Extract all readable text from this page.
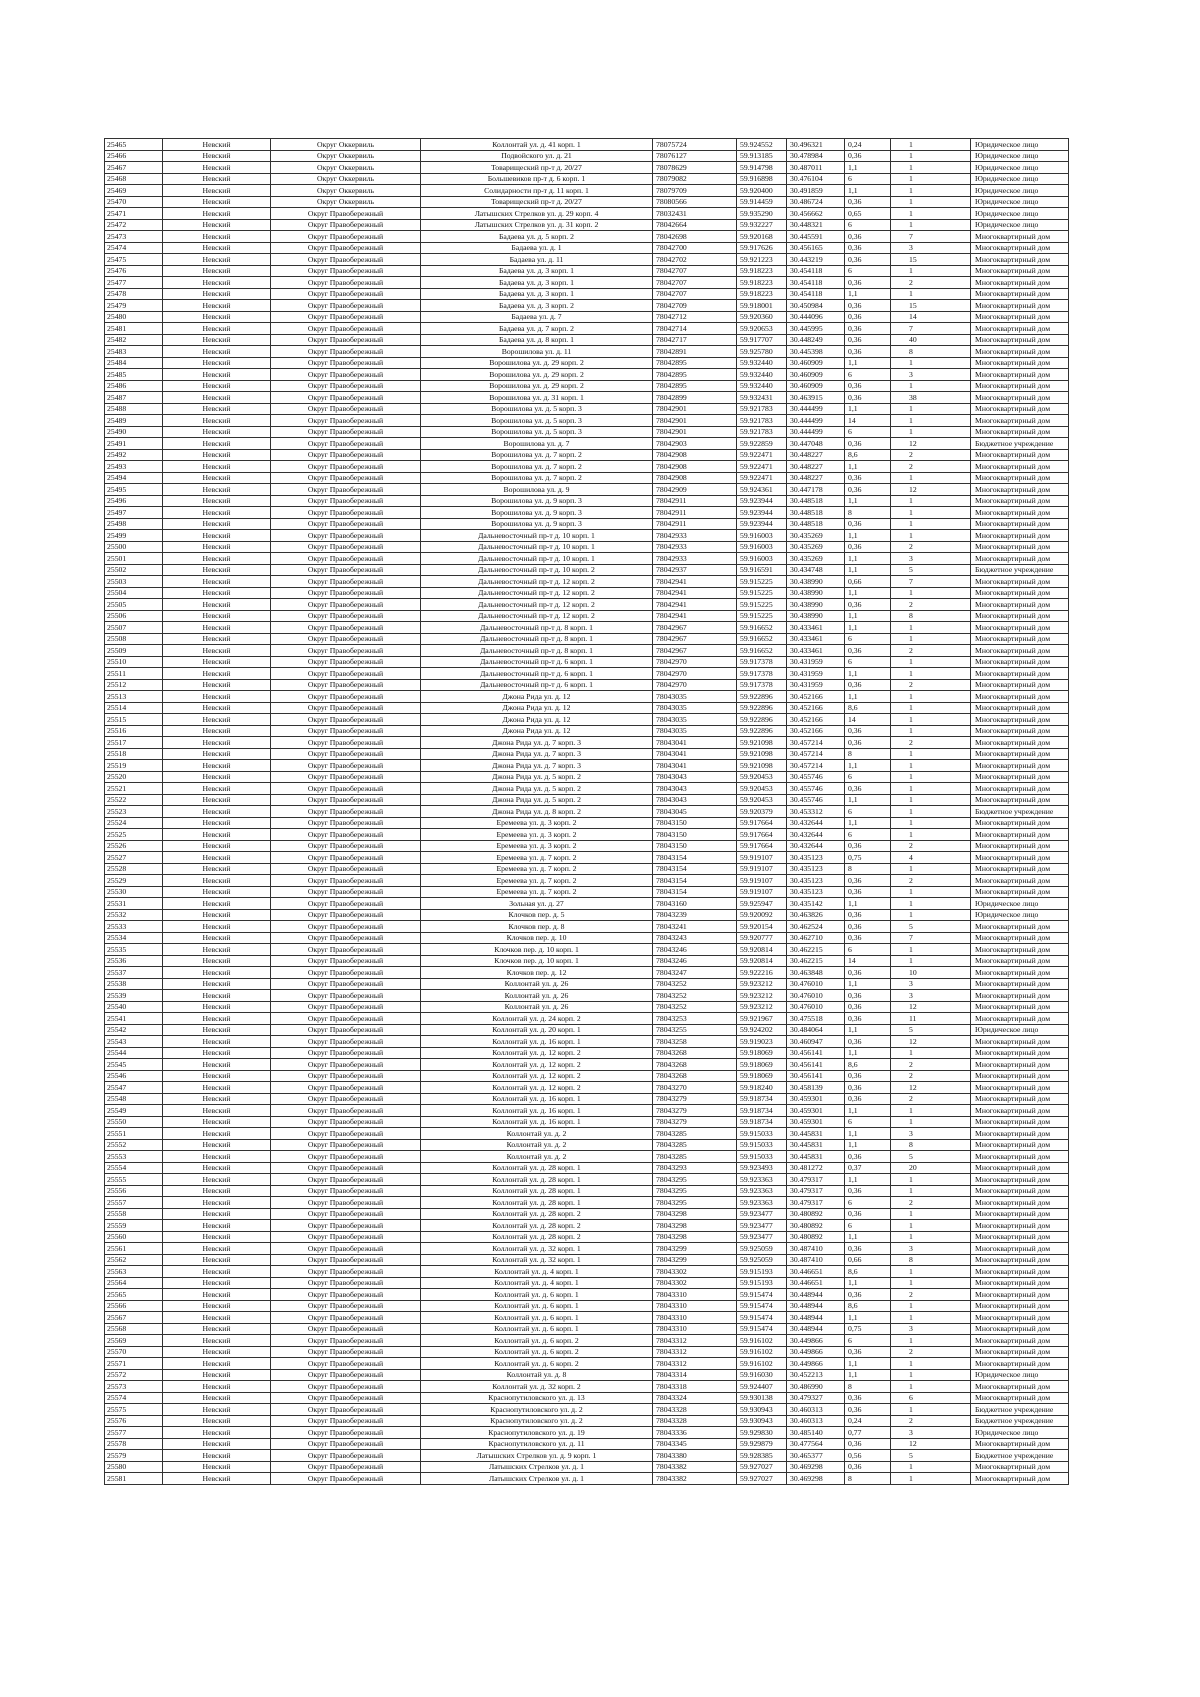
25465	Невский	Округ Оккервиль	Коллонтай ул. д. 41 корп. 1	78075724	59.924552	30.496321	0,24	1	Юридическое лицо
25466	Невский	Округ Оккервиль	Подвойского ул. д. 21	78076127	59.913185	30.478984	0,36	1	Юридическое лицо
25467	Невский	Округ Оккервиль	Товарищеский пр-т д. 20/27	78078629	59.914798	30.487011	1,1	1	Юридическое лицо
25468	Невский	Округ Оккервиль	Большевиков пр-т д. 6 корп. 1	78079082	59.916898	30.476104	6	1	Юридическое лицо
25469	Невский	Округ Оккервиль	Солидарности пр-т д. 11 корп. 1	78079709	59.920400	30.491859	1,1	1	Юридическое лицо
25470	Невский	Округ Оккервиль	Товарищеский пр-т д. 20/27	78080566	59.914459	30.486724	0,36	1	Юридическое лицо
25471	Невский	Округ Правобережный	Латышских Стрелков ул. д. 29 корп. 4	78032431	59.935290	30.456662	0,65	1	Юридическое лицо
25472	Невский	Округ Правобережный	Латышских Стрелков ул. д. 31 корп. 2	78042664	59.932227	30.448321	6	1	Юридическое лицо
25473	Невский	Округ Правобережный	Бадаева ул. д. 5 корп. 2	78042698	59.920168	30.445591	0,36	7	Многоквартирный дом
25474	Невский	Округ Правобережный	Бадаева ул. д. 1	78042700	59.917626	30.456165	0,36	3	Многоквартирный дом
25475	Невский	Округ Правобережный	Бадаева ул. д. 11	78042702	59.921223	30.443219	0,36	15	Многоквартирный дом
25476	Невский	Округ Правобережный	Бадаева ул. д. 3 корп. 1	78042707	59.918223	30.454118	6	1	Многоквартирный дом
25477	Невский	Округ Правобережный	Бадаева ул. д. 3 корп. 1	78042707	59.918223	30.454118	0,36	2	Многоквартирный дом
25478	Невский	Округ Правобережный	Бадаева ул. д. 3 корп. 1	78042707	59.918223	30.454118	1,1	1	Многоквартирный дом
25479	Невский	Округ Правобережный	Бадаева ул. д. 3 корп. 2	78042709	59.918001	30.450984	0,36	15	Многоквартирный дом
25480	Невский	Округ Правобережный	Бадаева ул. д. 7	78042712	59.920360	30.444096	0,36	14	Многоквартирный дом
25481	Невский	Округ Правобережный	Бадаева ул. д. 7 корп. 2	78042714	59.920653	30.445995	0,36	7	Многоквартирный дом
25482	Невский	Округ Правобережный	Бадаева ул. д. 8 корп. 1	78042717	59.917707	30.448249	0,36	40	Многоквартирный дом
25483	Невский	Округ Правобережный	Ворошилова ул. д. 11	78042891	59.925780	30.445398	0,36	8	Многоквартирный дом
25484	Невский	Округ Правобережный	Ворошилова ул. д. 29 корп. 2	78042895	59.932440	30.460909	1,1	1	Многоквартирный дом
25485	Невский	Округ Правобережный	Ворошилова ул. д. 29 корп. 2	78042895	59.932440	30.460909	6	3	Многоквартирный дом
25486	Невский	Округ Правобережный	Ворошилова ул. д. 29 корп. 2	78042895	59.932440	30.460909	0,36	1	Многоквартирный дом
25487	Невский	Округ Правобережный	Ворошилова ул. д. 31 корп. 1	78042899	59.932431	30.463915	0,36	38	Многоквартирный дом
25488	Невский	Округ Правобережный	Ворошилова ул. д. 5 корп. 3	78042901	59.921783	30.444499	1,1	1	Многоквартирный дом
25489	Невский	Округ Правобережный	Ворошилова ул. д. 5 корп. 3	78042901	59.921783	30.444499	14	1	Многоквартирный дом
25490	Невский	Округ Правобережный	Ворошилова ул. д. 5 корп. 3	78042901	59.921783	30.444499	6	1	Многоквартирный дом
25491	Невский	Округ Правобережный	Ворошилова ул. д. 7	78042903	59.922859	30.447048	0,36	12	Бюджетное учреждение
25492	Невский	Округ Правобережный	Ворошилова ул. д. 7 корп. 2	78042908	59.922471	30.448227	8,6	2	Многоквартирный дом
25493	Невский	Округ Правобережный	Ворошилова ул. д. 7 корп. 2	78042908	59.922471	30.448227	1,1	2	Многоквартирный дом
25494	Невский	Округ Правобережный	Ворошилова ул. д. 7 корп. 2	78042908	59.922471	30.448227	0,36	1	Многоквартирный дом
25495	Невский	Округ Правобережный	Ворошилова ул. д. 9	78042909	59.924361	30.447178	0,36	12	Многоквартирный дом
25496	Невский	Округ Правобережный	Ворошилова ул. д. 9 корп. 3	78042911	59.923944	30.448518	1,1	1	Многоквартирный дом
25497	Невский	Округ Правобережный	Ворошилова ул. д. 9 корп. 3	78042911	59.923944	30.448518	8	1	Многоквартирный дом
25498	Невский	Округ Правобережный	Ворошилова ул. д. 9 корп. 3	78042911	59.923944	30.448518	0,36	1	Многоквартирный дом
25499	Невский	Округ Правобережный	Дальневосточный пр-т д. 10 корп. 1	78042933	59.916003	30.435269	1,1	1	Многоквартирный дом
25500	Невский	Округ Правобережный	Дальневосточный пр-т д. 10 корп. 1	78042933	59.916003	30.435269	0,36	2	Многоквартирный дом
25501	Невский	Округ Правобережный	Дальневосточный пр-т д. 10 корп. 1	78042933	59.916003	30.435269	1,1	3	Многоквартирный дом
25502	Невский	Округ Правобережный	Дальневосточный пр-т д. 10 корп. 2	78042937	59.916591	30.434748	1,1	5	Бюджетное учреждение
25503	Невский	Округ Правобережный	Дальневосточный пр-т д. 12 корп. 2	78042941	59.915225	30.438990	0,66	7	Многоквартирный дом
25504	Невский	Округ Правобережный	Дальневосточный пр-т д. 12 корп. 2	78042941	59.915225	30.438990	1,1	1	Многоквартирный дом
25505	Невский	Округ Правобережный	Дальневосточный пр-т д. 12 корп. 2	78042941	59.915225	30.438990	0,36	2	Многоквартирный дом
25506	Невский	Округ Правобережный	Дальневосточный пр-т д. 12 корп. 2	78042941	59.915225	30.438990	1,1	8	Многоквартирный дом
25507	Невский	Округ Правобережный	Дальневосточный пр-т д. 8 корп. 1	78042967	59.916652	30.433461	1,1	1	Многоквартирный дом
25508	Невский	Округ Правобережный	Дальневосточный пр-т д. 8 корп. 1	78042967	59.916652	30.433461	6	1	Многоквартирный дом
25509	Невский	Округ Правобережный	Дальневосточный пр-т д. 8 корп. 1	78042967	59.916652	30.433461	0,36	2	Многоквартирный дом
25510	Невский	Округ Правобережный	Дальневосточный пр-т д. 6 корп. 1	78042970	59.917378	30.431959	6	1	Многоквартирный дом
25511	Невский	Округ Правобережный	Дальневосточный пр-т д. 6 корп. 1	78042970	59.917378	30.431959	1,1	1	Многоквартирный дом
25512	Невский	Округ Правобережный	Дальневосточный пр-т д. 6 корп. 1	78042970	59.917378	30.431959	0,36	2	Многоквартирный дом
25513	Невский	Округ Правобережный	Джона Рида ул. д. 12	78043035	59.922896	30.452166	1,1	1	Многоквартирный дом
25514	Невский	Округ Правобережный	Джона Рида ул. д. 12	78043035	59.922896	30.452166	8,6	1	Многоквартирный дом
25515	Невский	Округ Правобережный	Джона Рида ул. д. 12	78043035	59.922896	30.452166	14	1	Многоквартирный дом
25516	Невский	Округ Правобережный	Джона Рида ул. д. 12	78043035	59.922896	30.452166	0,36	1	Многоквартирный дом
25517	Невский	Округ Правобережный	Джона Рида ул. д. 7 корп. 3	78043041	59.921098	30.457214	0,36	2	Многоквартирный дом
25518	Невский	Округ Правобережный	Джона Рида ул. д. 7 корп. 3	78043041	59.921098	30.457214	8	1	Многоквартирный дом
25519	Невский	Округ Правобережный	Джона Рида ул. д. 7 корп. 3	78043041	59.921098	30.457214	1,1	1	Многоквартирный дом
25520	Невский	Округ Правобережный	Джона Рида ул. д. 5 корп. 2	78043043	59.920453	30.455746	6	1	Многоквартирный дом
25521	Невский	Округ Правобережный	Джона Рида ул. д. 5 корп. 2	78043043	59.920453	30.455746	0,36	1	Многоквартирный дом
25522	Невский	Округ Правобережный	Джона Рида ул. д. 5 корп. 2	78043043	59.920453	30.455746	1,1	1	Многоквартирный дом
25523	Невский	Округ Правобережный	Джона Рида ул. д. 8 корп. 2	78043045	59.920379	30.453312	6	1	Бюджетное учреждение
25524	Невский	Округ Правобережный	Еремеева ул. д. 3 корп. 2	78043150	59.917664	30.432644	1,1	1	Многоквартирный дом
25525	Невский	Округ Правобережный	Еремеева ул. д. 3 корп. 2	78043150	59.917664	30.432644	6	1	Многоквартирный дом
25526	Невский	Округ Правобережный	Еремеева ул. д. 3 корп. 2	78043150	59.917664	30.432644	0,36	2	Многоквартирный дом
25527	Невский	Округ Правобережный	Еремеева ул. д. 7 корп. 2	78043154	59.919107	30.435123	0,75	4	Многоквартирный дом
25528	Невский	Округ Правобережный	Еремеева ул. д. 7 корп. 2	78043154	59.919107	30.435123	8	1	Многоквартирный дом
25529	Невский	Округ Правобережный	Еремеева ул. д. 7 корп. 2	78043154	59.919107	30.435123	0,36	2	Многоквартирный дом
25530	Невский	Округ Правобережный	Еремеева ул. д. 7 корп. 2	78043154	59.919107	30.435123	0,36	1	Многоквартирный дом
25531	Невский	Округ Правобережный	Зольная ул. д. 27	78043160	59.925947	30.435142	1,1	1	Юридическое лицо
25532	Невский	Округ Правобережный	Клочков пер. д. 5	78043239	59.920092	30.463826	0,36	1	Юридическое лицо
25533	Невский	Округ Правобережный	Клочков пер. д. 8	78043241	59.920154	30.462524	0,36	5	Многоквартирный дом
25534	Невский	Округ Правобережный	Клочков пер. д. 10	78043243	59.920777	30.462710	0,36	7	Многоквартирный дом
25535	Невский	Округ Правобережный	Клочков пер. д. 10 корп. 1	78043246	59.920814	30.462215	6	1	Многоквартирный дом
25536	Невский	Округ Правобережный	Клочков пер. д. 10 корп. 1	78043246	59.920814	30.462215	14	1	Многоквартирный дом
25537	Невский	Округ Правобережный	Клочков пер. д. 12	78043247	59.922216	30.463848	0,36	10	Многоквартирный дом
25538	Невский	Округ Правобережный	Коллонтай ул. д. 26	78043252	59.923212	30.476010	1,1	3	Многоквартирный дом
25539	Невский	Округ Правобережный	Коллонтай ул. д. 26	78043252	59.923212	30.476010	0,36	3	Многоквартирный дом
25540	Невский	Округ Правобережный	Коллонтай ул. д. 26	78043252	59.923212	30.476010	0,36	12	Многоквартирный дом
25541	Невский	Округ Правобережный	Коллонтай ул. д. 24 корп. 2	78043253	59.921967	30.475518	0,36	11	Многоквартирный дом
25542	Невский	Округ Правобережный	Коллонтай ул. д. 20 корп. 1	78043255	59.924202	30.484064	1,1	5	Юридическое лицо
25543	Невский	Округ Правобережный	Коллонтай ул. д. 16 корп. 1	78043258	59.919023	30.460947	0,36	12	Многоквартирный дом
25544	Невский	Округ Правобережный	Коллонтай ул. д. 12 корп. 2	78043268	59.918069	30.456141	1,1	1	Многоквартирный дом
25545	Невский	Округ Правобережный	Коллонтай ул. д. 12 корп. 2	78043268	59.918069	30.456141	8,6	2	Многоквартирный дом
25546	Невский	Округ Правобережный	Коллонтай ул. д. 12 корп. 2	78043268	59.918069	30.456141	0,36	2	Многоквартирный дом
25547	Невский	Округ Правобережный	Коллонтай ул. д. 12 корп. 2	78043270	59.918240	30.458139	0,36	12	Многоквартирный дом
25548	Невский	Округ Правобережный	Коллонтай ул. д. 16 корп. 1	78043279	59.918734	30.459301	0,36	2	Многоквартирный дом
25549	Невский	Округ Правобережный	Коллонтай ул. д. 16 корп. 1	78043279	59.918734	30.459301	1,1	1	Многоквартирный дом
25550	Невский	Округ Правобережный	Коллонтай ул. д. 16 корп. 1	78043279	59.918734	30.459301	6	1	Многоквартирный дом
25551	Невский	Округ Правобережный	Коллонтай ул. д. 2	78043285	59.915033	30.445831	1,1	3	Многоквартирный дом
25552	Невский	Округ Правобережный	Коллонтай ул. д. 2	78043285	59.915033	30.445831	1,1	8	Многоквартирный дом
25553	Невский	Округ Правобережный	Коллонтай ул. д. 2	78043285	59.915033	30.445831	0,36	5	Многоквартирный дом
25554	Невский	Округ Правобережный	Коллонтай ул. д. 28 корп. 1	78043293	59.923493	30.481272	0,37	20	Многоквартирный дом
25555	Невский	Округ Правобережный	Коллонтай ул. д. 28 корп. 1	78043295	59.923363	30.479317	1,1	1	Многоквартирный дом
25556	Невский	Округ Правобережный	Коллонтай ул. д. 28 корп. 1	78043295	59.923363	30.479317	0,36	1	Многоквартирный дом
25557	Невский	Округ Правобережный	Коллонтай ул. д. 28 корп. 1	78043295	59.923363	30.479317	6	2	Многоквартирный дом
25558	Невский	Округ Правобережный	Коллонтай ул. д. 28 корп. 2	78043298	59.923477	30.480892	0,36	1	Многоквартирный дом
25559	Невский	Округ Правобережный	Коллонтай ул. д. 28 корп. 2	78043298	59.923477	30.480892	6	1	Многоквартирный дом
25560	Невский	Округ Правобережный	Коллонтай ул. д. 28 корп. 2	78043298	59.923477	30.480892	1,1	1	Многоквартирный дом
25561	Невский	Округ Правобережный	Коллонтай ул. д. 32 корп. 1	78043299	59.925059	30.487410	0,36	3	Многоквартирный дом
25562	Невский	Округ Правобережный	Коллонтай ул. д. 32 корп. 1	78043299	59.925059	30.487410	0,66	8	Многоквартирный дом
25563	Невский	Округ Правобережный	Коллонтай ул. д. 4 корп. 1	78043302	59.915193	30.446651	8,6	1	Многоквартирный дом
25564	Невский	Округ Правобережный	Коллонтай ул. д. 4 корп. 1	78043302	59.915193	30.446651	1,1	1	Многоквартирный дом
25565	Невский	Округ Правобережный	Коллонтай ул. д. 6 корп. 1	78043310	59.915474	30.448944	0,36	2	Многоквартирный дом
25566	Невский	Округ Правобережный	Коллонтай ул. д. 6 корп. 1	78043310	59.915474	30.448944	8,6	1	Многоквартирный дом
25567	Невский	Округ Правобережный	Коллонтай ул. д. 6 корп. 1	78043310	59.915474	30.448944	1,1	1	Многоквартирный дом
25568	Невский	Округ Правобережный	Коллонтай ул. д. 6 корп. 1	78043310	59.915474	30.448944	0,75	3	Многоквартирный дом
25569	Невский	Округ Правобережный	Коллонтай ул. д. 6 корп. 2	78043312	59.916102	30.449866	6	1	Многоквартирный дом
25570	Невский	Округ Правобережный	Коллонтай ул. д. 6 корп. 2	78043312	59.916102	30.449866	0,36	2	Многоквартирный дом
25571	Невский	Округ Правобережный	Коллонтай ул. д. 6 корп. 2	78043312	59.916102	30.449866	1,1	1	Многоквартирный дом
25572	Невский	Округ Правобережный	Коллонтай ул. д. 8	78043314	59.916030	30.452213	1,1	1	Юридическое лицо
25573	Невский	Округ Правобережный	Коллонтай ул. д. 32 корп. 2	78043318	59.924407	30.486990	8	1	Многоквартирный дом
25574	Невский	Округ Правобережный	Краснопутиловского ул. д. 13	78043324	59.930138	30.479327	0,36	6	Многоквартирный дом
25575	Невский	Округ Правобережный	Краснопутиловского ул. д. 2	78043328	59.930943	30.460313	0,36	1	Бюджетное учреждение
25576	Невский	Округ Правобережный	Краснопутиловского ул. д. 2	78043328	59.930943	30.460313	0,24	2	Бюджетное учреждение
25577	Невский	Округ Правобережный	Краснопутиловского ул. д. 19	78043336	59.929830	30.485140	0,77	3	Юридическое лицо
25578	Невский	Округ Правобережный	Краснопутиловского ул. д. 11	78043345	59.929879	30.477564	0,36	12	Многоквартирный дом
25579	Невский	Округ Правобережный	Латышских Стрелков ул. д. 9 корп. 1	78043380	59.928385	30.465377	0,56	5	Бюджетное учреждение
25580	Невский	Округ Правобережный	Латышских Стрелков ул. д. 1	78043382	59.927027	30.469298	0,36	1	Многоквартирный дом
25581	Невский	Округ Правобережный	Латышских Стрелков ул. д. 1	78043382	59.927027	30.469298	8	1	Многоквартирный дом
